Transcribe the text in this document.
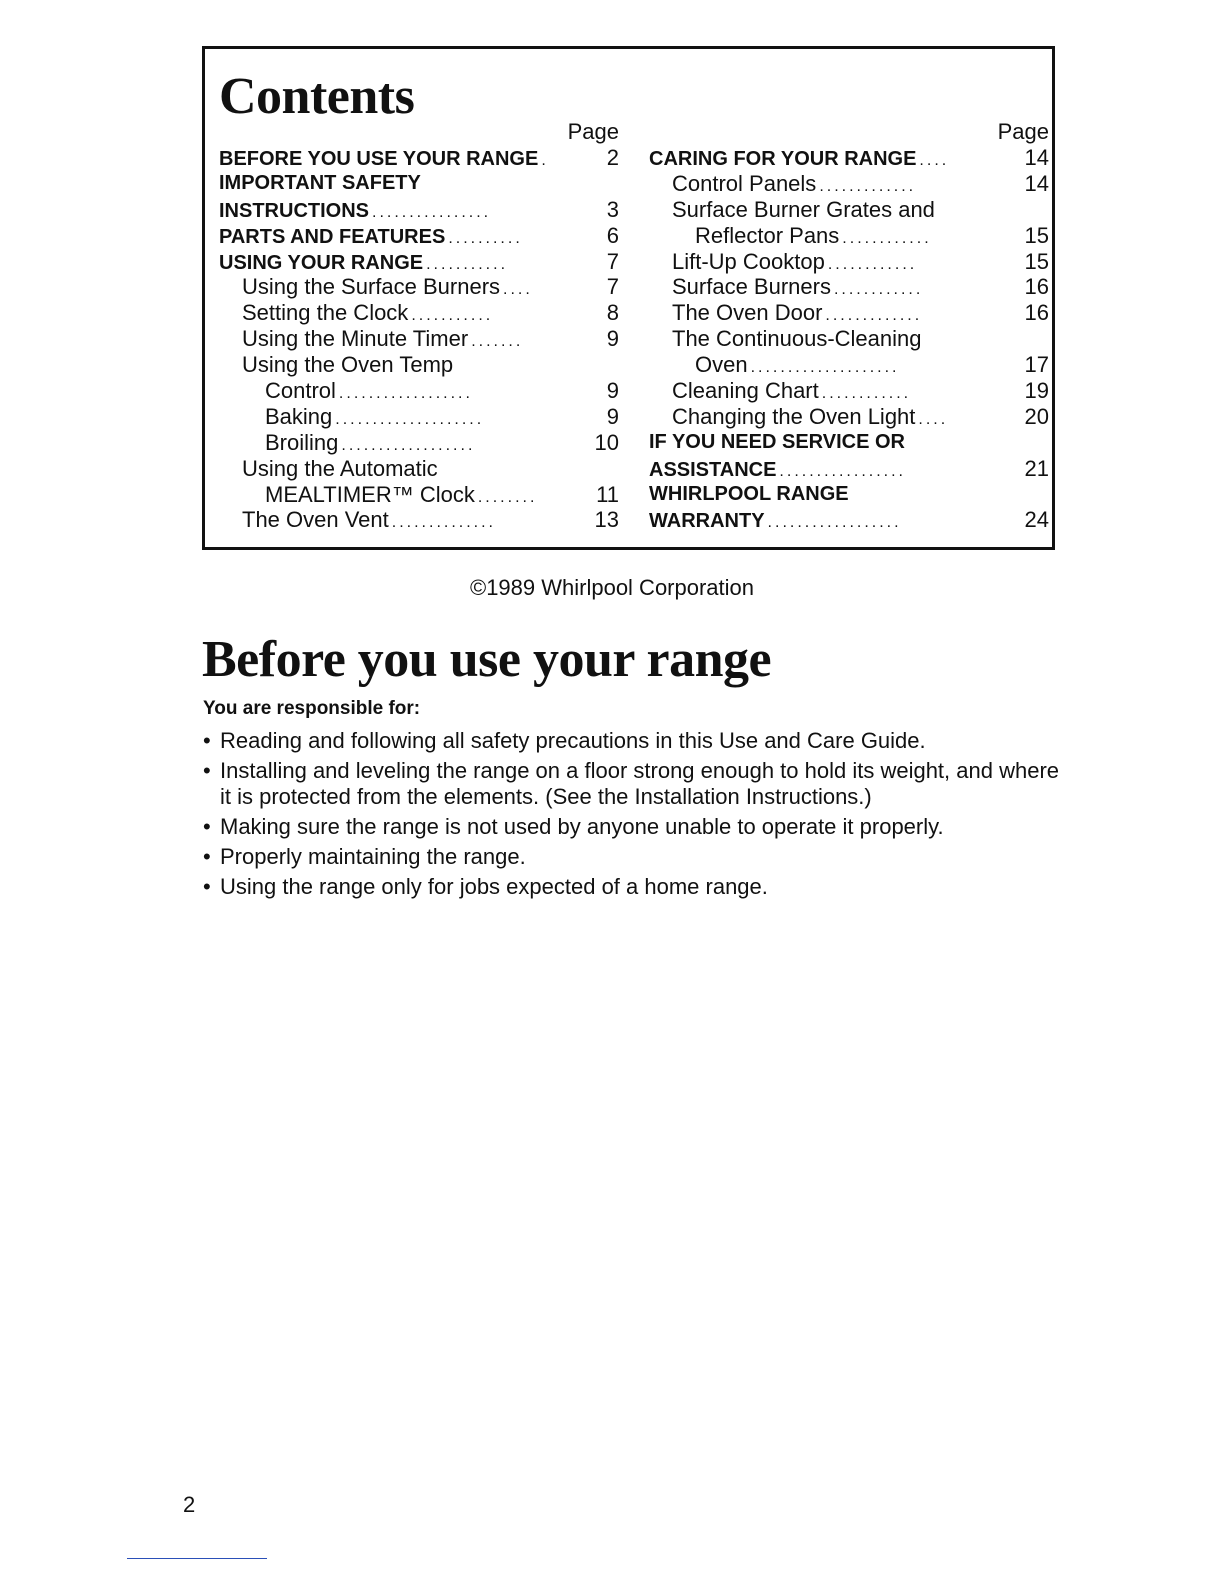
Contents
Page
BEFORE YOU USE YOUR RANGE .	2
IMPORTANT SAFETY
INSTRUCTIONS ................	3
PARTS AND FEATURES ..........	6
USING YOUR RANGE ...........	7
Using the Surface Burners ....	7
Setting the Clock ...........	8
Using the Minute Timer .......	9
Using the Oven Temp
Control ..................	9
Baking ....................	9
Broiling ..................	10
Using the Automatic
MEALTIMER™ Clock ........	11
The Oven Vent ..............	13
Page
CARING FOR YOUR RANGE ....	14
Control Panels .............	14
Surface Burner Grates and
Reflector Pans ............	15
Lift-Up Cooktop ............	15
Surface Burners ............	16
The Oven Door .............	16
The Continuous-Cleaning
Oven ....................	17
Cleaning Chart ............	19
Changing the Oven Light ....	20
IF YOU NEED SERVICE OR
ASSISTANCE .................	21
WHIRLPOOL RANGE
WARRANTY ..................	24
©1989 Whirlpool Corporation
Before you use your range
You are responsible for:
• Reading and following all safety precautions in this Use and Care Guide.
• Installing and leveling the range on a floor strong enough to hold its weight, and where it is protected from the elements. (See the Installation Instructions.)
• Making sure the range is not used by anyone unable to operate it properly.
• Properly maintaining the range.
• Using the range only for jobs expected of a home range.
2
